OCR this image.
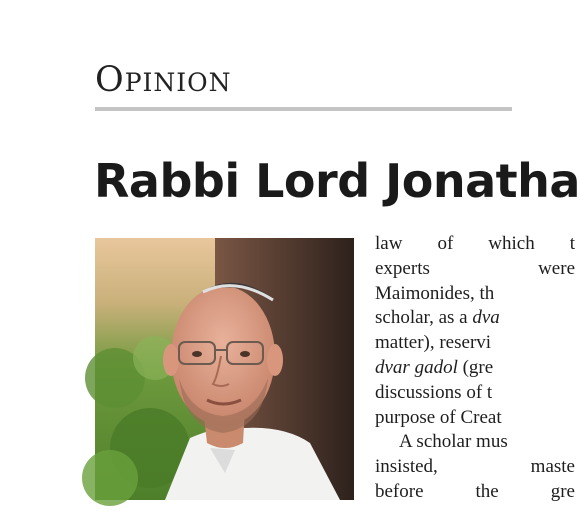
Opinion
Rabbi Lord Jonatha
law of which t
experts were
Maimonides, th
scholar, as a dva
matter), reservi
dvar gadol (gre
discussions of t
purpose of Creat
A scholar mus
insisted, maste
before the gre
